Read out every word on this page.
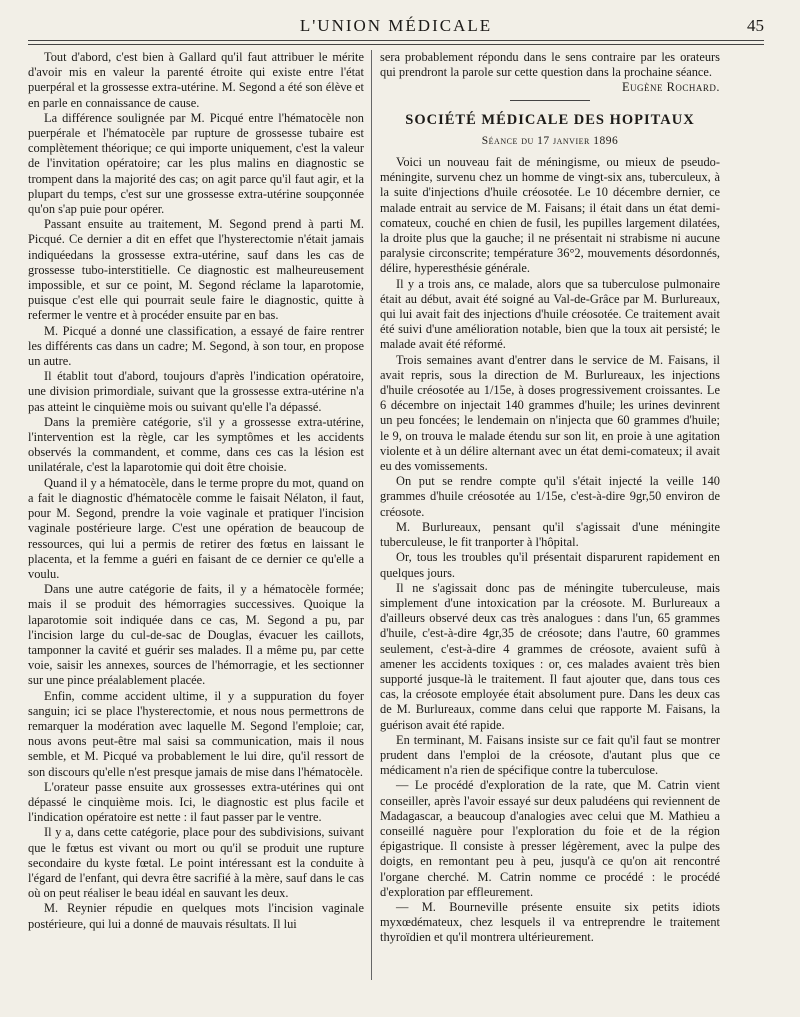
L'UNION MÉDICALE	45

Tout d'abord, c'est bien à Gallard qu'il faut attribuer le mérite d'avoir mis en valeur la parenté étroite qui existe entre l'état puerpéral et la grossesse extra-utérine. M. Segond a été son élève et en parle en connaissance de cause.

La différence soulignée par M. Picqué entre l'hématocèle non puerpérale et l'hématocèle par rupture de grossesse tubaire est complètement théorique; ce qui importe uniquement, c'est la valeur de l'invitation opératoire; car les plus malins en diagnostic se trompent dans la majorité des cas; on agit parce qu'il faut agir, et la plupart du temps, c'est sur une grossesse extra-utérine soupçonnée qu'on s'ap puie pour opérer.

Passant ensuite au traitement, M. Segond prend à parti M. Picqué. Ce dernier a dit en effet que l'hysterectomie n'était jamais indiquéedans la grossesse extra-utérine, sauf dans les cas de grossesse tubo-interstitielle. Ce diagnostic est malheureusement impossible, et sur ce point, M. Segond réclame la laparotomie, puisque c'est elle qui pourrait seule faire le diagnostic, quitte à refermer le ventre et à procéder ensuite par en bas.

M. Picqué a donné une classification, a essayé de faire rentrer les différents cas dans un cadre; M. Segond, à son tour, en propose un autre.

Il établit tout d'abord, toujours d'après l'indication opératoire, une division primordiale, suivant que la grossesse extra-utérine n'a pas atteint le cinquième mois ou suivant qu'elle l'a dépassé.

Dans la première catégorie, s'il y a grossesse extra-utérine, l'intervention est la règle, car les symptômes et les accidents observés la commandent, et comme, dans ces cas la lésion est unilatérale, c'est la laparotomie qui doit être choisie.

Quand il y a hématocèle, dans le terme propre du mot, quand on a fait le diagnostic d'hématocèle comme le faisait Nélaton, il faut, pour M. Segond, prendre la voie vaginale et pratiquer l'incision vaginale postérieure large. C'est une opération de beaucoup de ressources, qui lui a permis de retirer des fœtus en laissant le placenta, et la femme a guéri en faisant de ce dernier ce qu'elle a voulu.

Dans une autre catégorie de faits, il y a hématocèle formée; mais il se produit des hémorragies successives. Quoique la laparotomie soit indiquée dans ce cas, M. Segond a pu, par l'incision large du cul-de-sac de Douglas, évacuer les caillots, tamponner la cavité et guérir ses malades. Il a même pu, par cette voie, saisir les annexes, sources de l'hémorragie, et les sectionner sur une pince préalablement placée.

Enfin, comme accident ultime, il y a suppuration du foyer sanguin; ici se place l'hysterectomie, et nous nous permettrons de remarquer la modération avec laquelle M. Segond l'emploie; car, nous avons peut-être mal saisi sa communication, mais il nous semble, et M. Picqué va probablement le lui dire, qu'il ressort de son discours qu'elle n'est presque jamais de mise dans l'hématocèle.

L'orateur passe ensuite aux grossesses extra-utérines qui ont dépassé le cinquième mois. Ici, le diagnostic est plus facile et l'indication opératoire est nette : il faut passer par le ventre.

Il y a, dans cette catégorie, place pour des subdivisions, suivant que le fœtus est vivant ou mort ou qu'il se produit une rupture secondaire du kyste fœtal. Le point intéressant est la conduite à l'égard de l'enfant, qui devra être sacrifié à la mère, sauf dans le cas où on peut réaliser le beau idéal en sauvant les deux.

M. Reynier répudie en quelques mots l'incision vaginale postérieure, qui lui a donné de mauvais résultats. Il lui

sera probablement répondu dans le sens contraire par les orateurs qui prendront la parole sur cette question dans la prochaine séance.

Eugène Rochard.
SOCIÉTÉ MÉDICALE DES HOPITAUX
Séance du 17 janvier 1896

Voici un nouveau fait de méningisme, ou mieux de pseudo-méningite, survenu chez un homme de vingt-six ans, tuberculeux, à la suite d'injections d'huile créosotée. Le 10 décembre dernier, ce malade entrait au service de M. Faisans; il était dans un état demi-comateux, couché en chien de fusil, les pupilles largement dilatées, la droite plus que la gauche; il ne présentait ni strabisme ni aucune paralysie circonscrite; température 36°2, mouvements désordonnés, délire, hyperesthésie générale.

Il y a trois ans, ce malade, alors que sa tuberculose pulmonaire était au début, avait été soigné au Val-de-Grâce par M. Burlureaux, qui lui avait fait des injections d'huile créosotée. Ce traitement avait été suivi d'une amélioration notable, bien que la toux ait persisté; le malade avait été réformé.

Trois semaines avant d'entrer dans le service de M. Faisans, il avait repris, sous la direction de M. Burlureaux, les injections d'huile créosotée au 1/15e, à doses progressivement croissantes. Le 6 décembre on injectait 140 grammes d'huile; les urines devinrent un peu foncées; le lendemain on n'injecta que 60 grammes d'huile; le 9, on trouva le malade étendu sur son lit, en proie à une agitation violente et à un délire alternant avec un état demi-comateux; il avait eu des vomissements.

On put se rendre compte qu'il s'était injecté la veille 140 grammes d'huile créosotée au 1/15e, c'est-à-dire 9gr,50 environ de créosote.

M. Burlureaux, pensant qu'il s'agissait d'une méningite tuberculeuse, le fit tranporter à l'hôpital.

Or, tous les troubles qu'il présentait disparurent rapidement en quelques jours.

Il ne s'agissait donc pas de méningite tuberculeuse, mais simplement d'une intoxication par la créosote. M. Burlureaux a d'ailleurs observé deux cas très analogues : dans l'un, 65 grammes d'huile, c'est-à-dire 4gr,35 de créosote; dans l'autre, 60 grammes seulement, c'est-à-dire 4 grammes de créosote, avaient sufû à amener les accidents toxiques : or, ces malades avaient très bien supporté jusque-là le traitement. Il faut ajouter que, dans tous ces cas, la créosote employée était absolument pure. Dans les deux cas de M. Burlureaux, comme dans celui que rapporte M. Faisans, la guérison avait été rapide.

En terminant, M. Faisans insiste sur ce fait qu'il faut se montrer prudent dans l'emploi de la créosote, d'autant plus que ce médicament n'a rien de spécifique contre la tuberculose.

— Le procédé d'exploration de la rate, que M. Catrin vient conseiller, après l'avoir essayé sur deux paludéens qui reviennent de Madagascar, a beaucoup d'analogies avec celui que M. Mathieu a conseillé naguère pour l'exploration du foie et de la région épigastrique. Il consiste à presser légèrement, avec la pulpe des doigts, en remontant peu à peu, jusqu'à ce qu'on ait rencontré l'organe cherché. M. Catrin nomme ce procédé : le procédé d'exploration par effleurement.

— M. Bourneville présente ensuite six petits idiots myxœdémateux, chez lesquels il va entreprendre le traitement thyroïdien et qu'il montrera ultérieurement.
